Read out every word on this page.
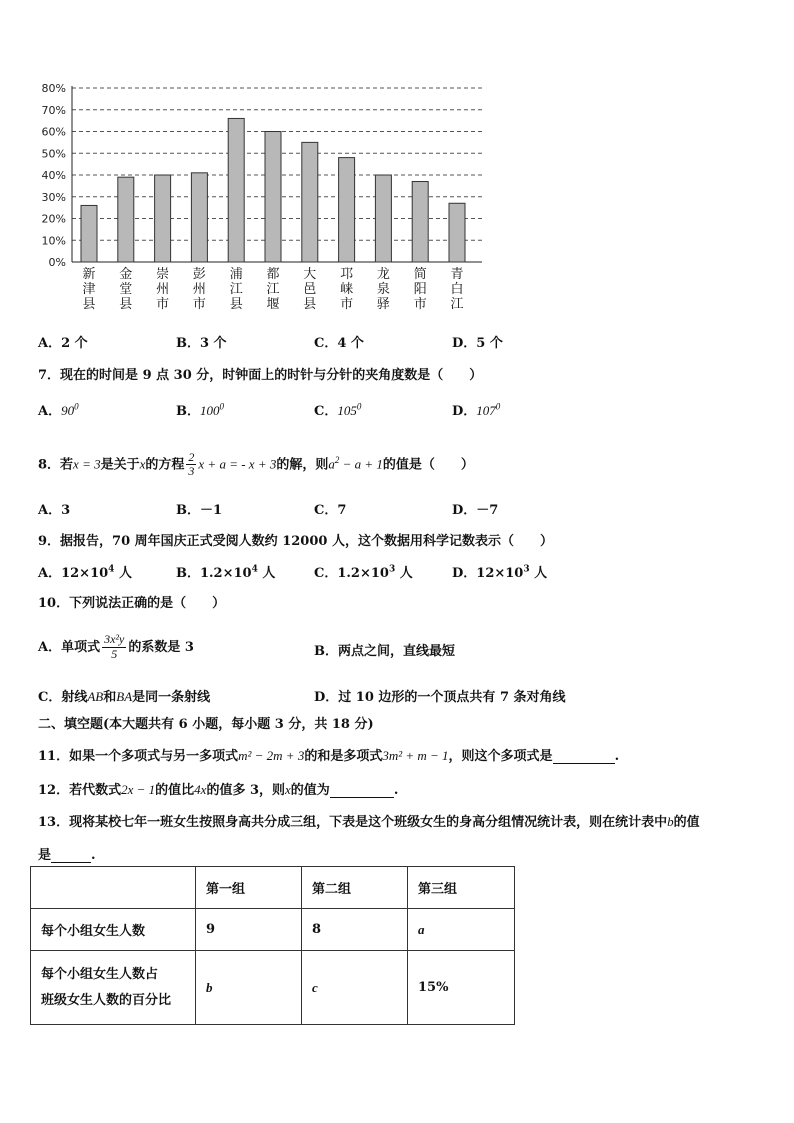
0%
10%
20%
30%
40%
50%
60%
70%
80%
新津县
金堂县
崇州市
彭州市
浦江县
都江堰
大邑县
邛崃市
龙泉驿
简阳市
青白江
A．2 个	B．3 个	C．4 个	D．5 个
7．现在的时间是 9 点 30 分，时钟面上的时针与分针的夹角度数是（　　）
A．$90^0$	B．$100^0$	C．$105^0$	D．$107^0$
8．若x = 3是关于x的方程 $\frac{2}{3}$ x + a = - x + 3的解，则$a^2 - a + 1$的值是（　　）
A．3	B．－1	C．7	D．－7
9．据报告，70 周年国庆正式受阅人数约 12000 人，这个数据用科学记数表示（　　）
A．$12\times 10^4$ 人	B．$1.2\times 10^4$ 人	C．$1.2\times 10^3$ 人	D．$12\times 10^3$ 人
10．下列说法正确的是（　　）
A．单项式 $\frac{\text{3x²y}}{5}$ 的系数是 3	B．两点之间，直线最短
C．射线AB和BA是同一条射线	D．过 10 边形的一个顶点共有 7 条对角线
二、填空题(本大题共有 6 小题，每小题 3 分，共 18 分)
11．如果一个多项式与另一多项式m² − 2m + 3的和是多项式3m² + m − 1，则这个多项式是	.
12．若代数式2x − 1的值比4x的值多 3，则x的值为	.
13．现将某校七年一班女生按照身高共分成三组，下表是这个班级女生的身高分组情况统计表，则在统计表中b的值
是	.
	第一组	第二组	第三组
每个小组女生人数	9	8	a
每个小组女生人数占
班级女生人数的百分比	b	c	15%
